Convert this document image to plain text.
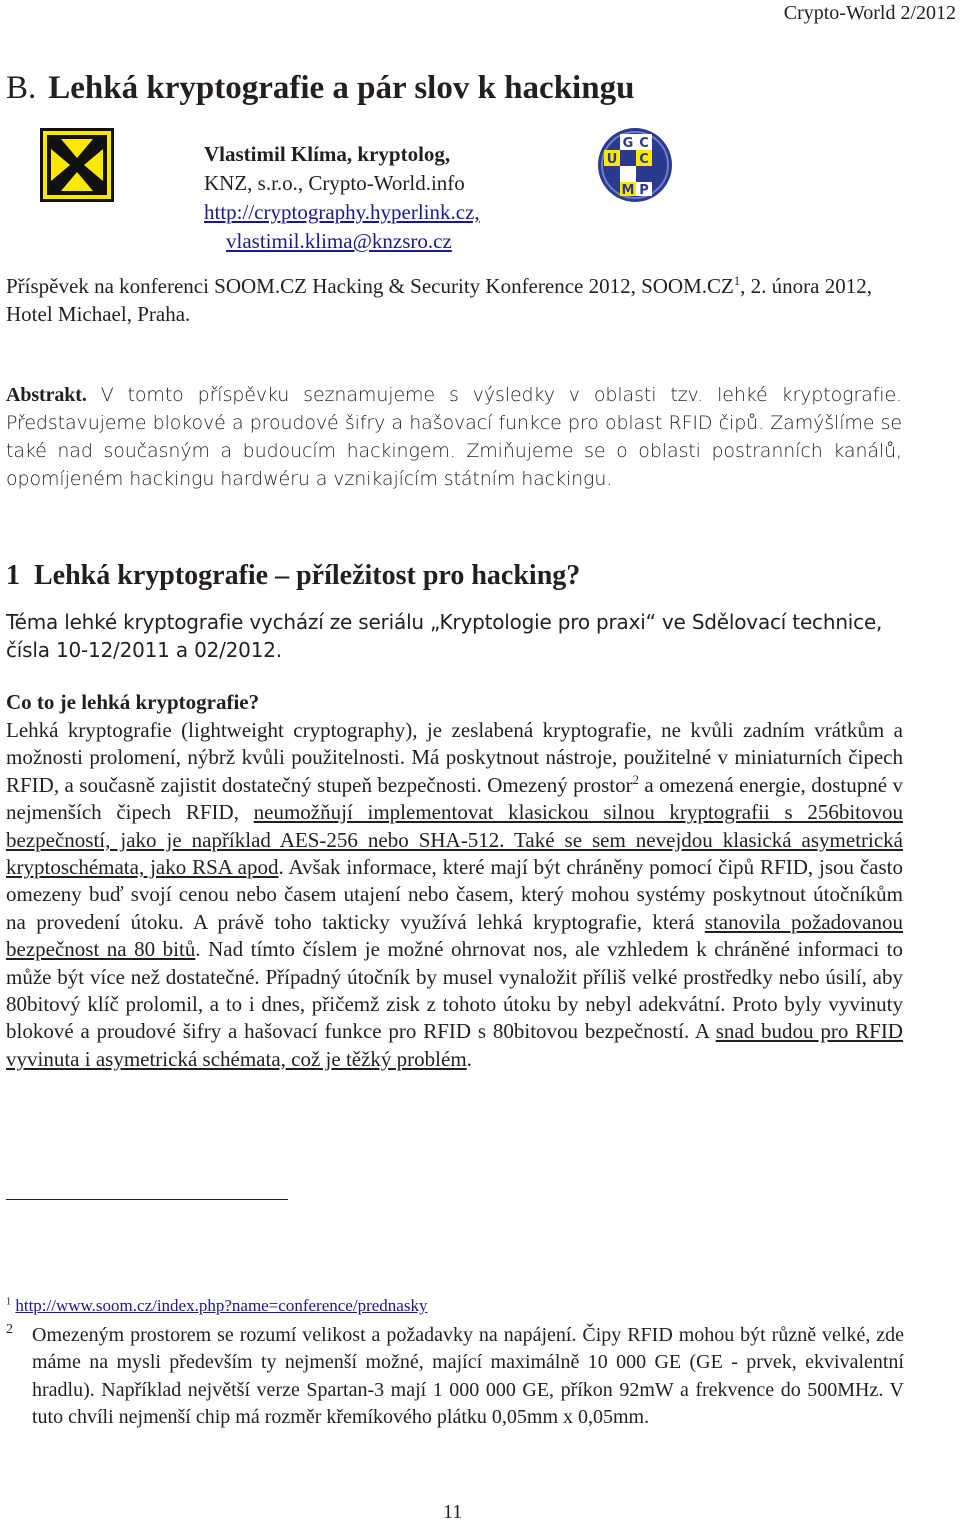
Crypto-World 2/2012
B. Lehká kryptografie a pár slov k hackingu
G C
U C
M P
Vlastimil Klíma, kryptolog,
KNZ, s.r.o., Crypto-World.info
http://cryptography.hyperlink.cz,
vlastimil.klima@knzsro.cz
Příspěvek na konferenci SOOM.CZ Hacking & Security Konference 2012, $SOOM.CZ^1$, 2. února 2012, Hotel Michael, Praha.

Abstrakt. V tomto příspěvku seznamujeme s výsledky v oblasti tzv. lehké kryptografie. Představujeme blokové a proudové šifry a hašovací funkce pro oblast RFID čipů. Zamýšlíme se také nad současným a budoucím hackingem. Zmiňujeme se o oblasti postranních kanálů, opomíjeném hackingu hardwéru a vznikajícím státním hackingu.

1 Lehká kryptografie – příležitost pro hacking?
Téma lehké kryptografie vychází ze seriálu „Kryptologie pro praxi“ ve Sdělovací technice, čísla 10-12/2011 a 02/2012.
Co to je lehká kryptografie?
Lehká kryptografie (lightweight cryptography), je zeslabená kryptografie, ne kvůli zadním vrátkům a možnosti prolomení, nýbrž kvůli použitelnosti. Má poskytnout nástroje, použitelné v miniaturních čipech RFID, a současně zajistit dostatečný stupeň bezpečnosti. Omezený prostor$^2$ a omezená energie, dostupné v nejmenších čipech RFID, neumožňují implementovat klasickou silnou kryptografii s 256bitovou bezpečností, jako je například AES-256 nebo SHA-512. Také se sem nevejdou klasická asymetrická kryptoschémata, jako RSA apod. Avšak informace, které mají být chráněny pomocí čipů RFID, jsou často omezeny buď svojí cenou nebo časem utajení nebo časem, který mohou systémy poskytnout útočníkům na provedení útoku. A právě toho takticky využívá lehká kryptografie, která stanovila požadovanou bezpečnost na 80 bitů. Nad tímto číslem je možné ohrnovat nos, ale vzhledem k chráněné informaci to může být více než dostatečné. Případný útočník by musel vynaložit příliš velké prostředky nebo úsilí, aby 80bitový klíč prolomil, a to i dnes, přičemž zisk z tohoto útoku by nebyl adekvátní. Proto byly vyvinuty blokové a proudové šifry a hašovací funkce pro RFID s 80bitovou bezpečností. A snad budou pro RFID vyvinuta i asymetrická schémata, což je těžký problém.
$^1$ http://www.soom.cz/index.php?name=conference/prednasky
2 Omezeným prostorem se rozumí velikost a požadavky na napájení. Čipy RFID mohou být různě velké, zde máme na mysli především ty nejmenší možné, mající maximálně 10 000 GE (GE - prvek, ekvivalentní hradlu). Například největší verze Spartan-3 mají 1 000 000 GE, příkon 92mW a frekvence do 500MHz. V tuto chvíli nejmenší chip má rozměr křemíkového plátku 0,05mm x 0,05mm.
11
